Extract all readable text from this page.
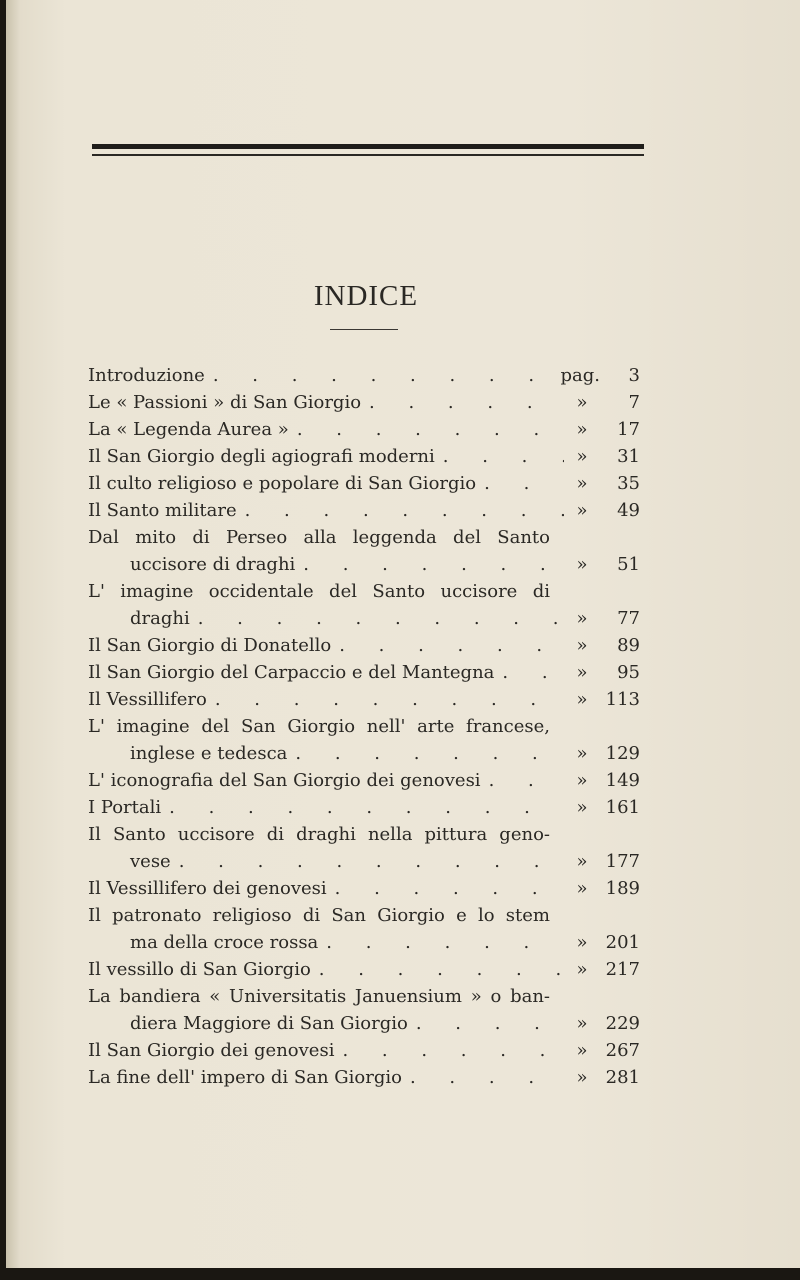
INDICE
Introduzione . . .	pag.	3
Le « Passioni » di San Giorgio . . .	»	7
La « Legenda Aurea » . . .	»	17
Il San Giorgio degli agiografi moderni . . .	»	31
Il culto religioso e popolare di San Giorgio . . .	»	35
Il Santo militare . . .	»	49
Dal mito di Perseo alla leggenda del Santo
uccisore di draghi . . .	»	51
L' imagine occidentale del Santo uccisore di
draghi . . .	»	77
Il San Giorgio di Donatello . . .	»	89
Il San Giorgio del Carpaccio e del Mantegna . . .	»	95
Il Vessillifero . . .	»	113
L' imagine del San Giorgio nell' arte francese,
inglese e tedesca . . .	»	129
L' iconografia del San Giorgio dei genovesi . . .	»	149
I Portali . . .	»	161
Il Santo uccisore di draghi nella pittura geno-
vese . . .	»	177
Il Vessillifero dei genovesi . . .	»	189
Il patronato religioso di San Giorgio e lo stem
ma della croce rossa . . .	»	201
Il vessillo di San Giorgio . . .	»	217
La bandiera « Universitatis Januensium » o ban-
diera Maggiore di San Giorgio . . .	»	229
Il San Giorgio dei genovesi . . .	»	267
La fine dell' impero di San Giorgio . . .	»	281
